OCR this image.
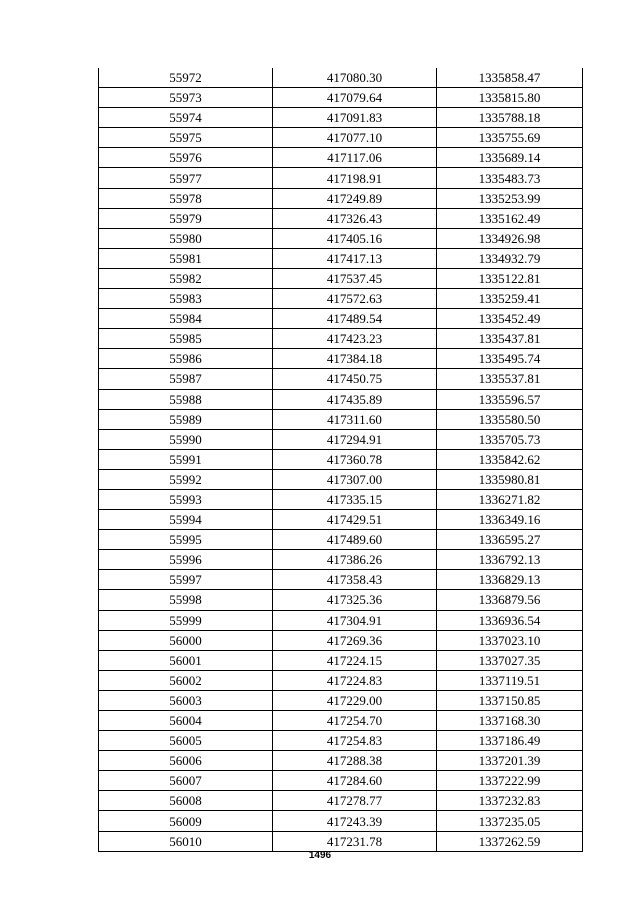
55972	417080.30	1335858.47
55973	417079.64	1335815.80
55974	417091.83	1335788.18
55975	417077.10	1335755.69
55976	417117.06	1335689.14
55977	417198.91	1335483.73
55978	417249.89	1335253.99
55979	417326.43	1335162.49
55980	417405.16	1334926.98
55981	417417.13	1334932.79
55982	417537.45	1335122.81
55983	417572.63	1335259.41
55984	417489.54	1335452.49
55985	417423.23	1335437.81
55986	417384.18	1335495.74
55987	417450.75	1335537.81
55988	417435.89	1335596.57
55989	417311.60	1335580.50
55990	417294.91	1335705.73
55991	417360.78	1335842.62
55992	417307.00	1335980.81
55993	417335.15	1336271.82
55994	417429.51	1336349.16
55995	417489.60	1336595.27
55996	417386.26	1336792.13
55997	417358.43	1336829.13
55998	417325.36	1336879.56
55999	417304.91	1336936.54
56000	417269.36	1337023.10
56001	417224.15	1337027.35
56002	417224.83	1337119.51
56003	417229.00	1337150.85
56004	417254.70	1337168.30
56005	417254.83	1337186.49
56006	417288.38	1337201.39
56007	417284.60	1337222.99
56008	417278.77	1337232.83
56009	417243.39	1337235.05
56010	417231.78	1337262.59
1496
